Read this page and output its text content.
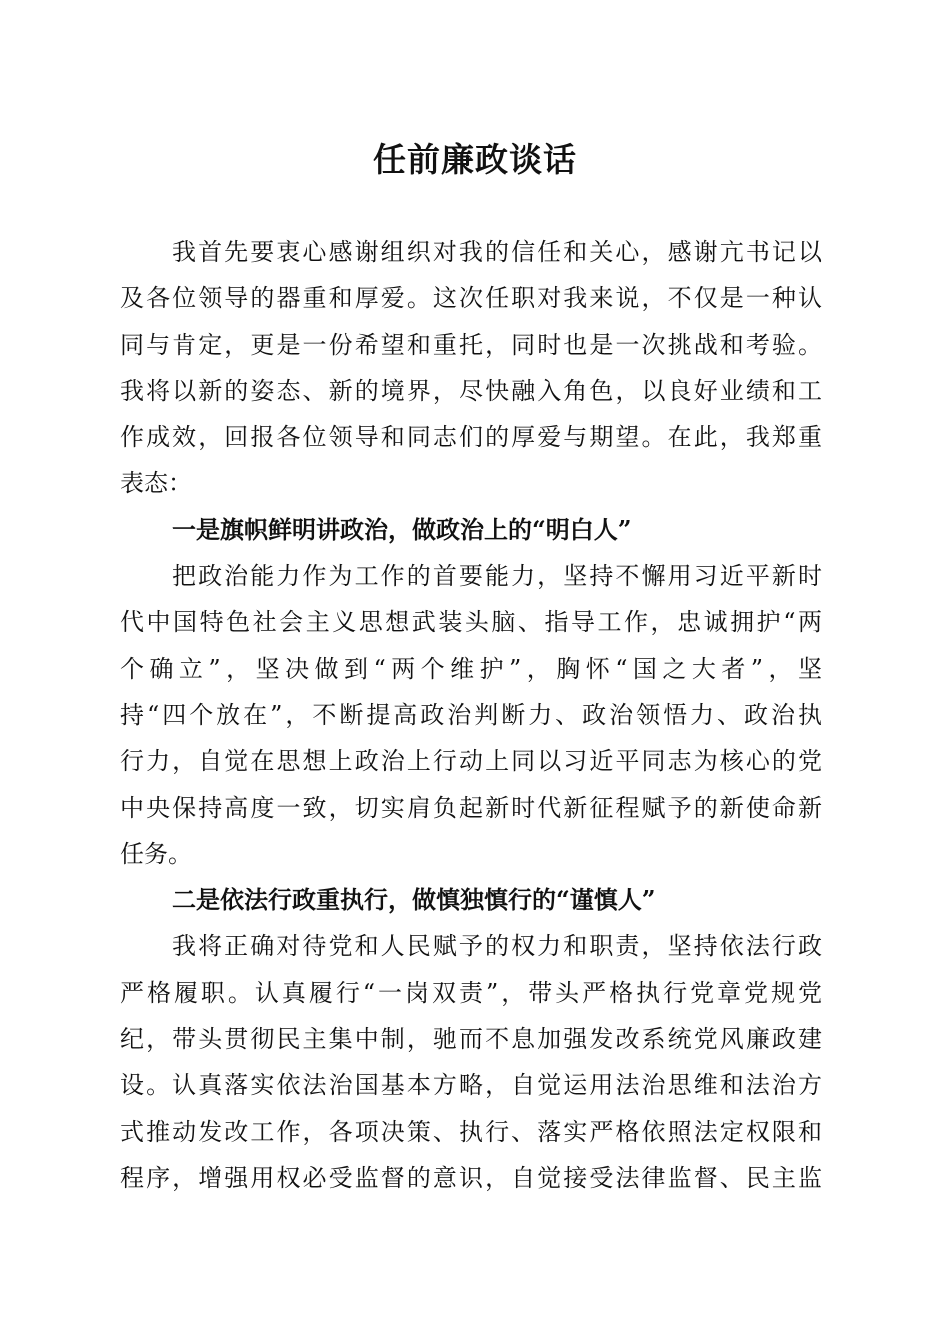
任前廉政谈话
我首先要衷心感谢组织对我的信任和关心，感谢亢书记以
及各位领导的器重和厚爱。这次任职对我来说，不仅是一种认
同与肯定，更是一份希望和重托，同时也是一次挑战和考验。
我将以新的姿态、新的境界，尽快融入角色，以良好业绩和工
作成效，回报各位领导和同志们的厚爱与期望。在此，我郑重
表态：
一是旗帜鲜明讲政治，做政治上的“明白人”
把政治能力作为工作的首要能力，坚持不懈用习近平新时
代中国特色社会主义思想武装头脑、指导工作，忠诚拥护“两
个确立”，坚决做到“两个维护”，胸怀“国之大者”，坚
持“四个放在”，不断提高政治判断力、政治领悟力、政治执
行力，自觉在思想上政治上行动上同以习近平同志为核心的党
中央保持高度一致，切实肩负起新时代新征程赋予的新使命新
任务。
二是依法行政重执行，做慎独慎行的“谨慎人”
我将正确对待党和人民赋予的权力和职责，坚持依法行政
严格履职。认真履行“一岗双责”，带头严格执行党章党规党
纪，带头贯彻民主集中制，驰而不息加强发改系统党风廉政建
设。认真落实依法治国基本方略，自觉运用法治思维和法治方
式推动发改工作，各项决策、执行、落实严格依照法定权限和
程序，增强用权必受监督的意识，自觉接受法律监督、民主监
